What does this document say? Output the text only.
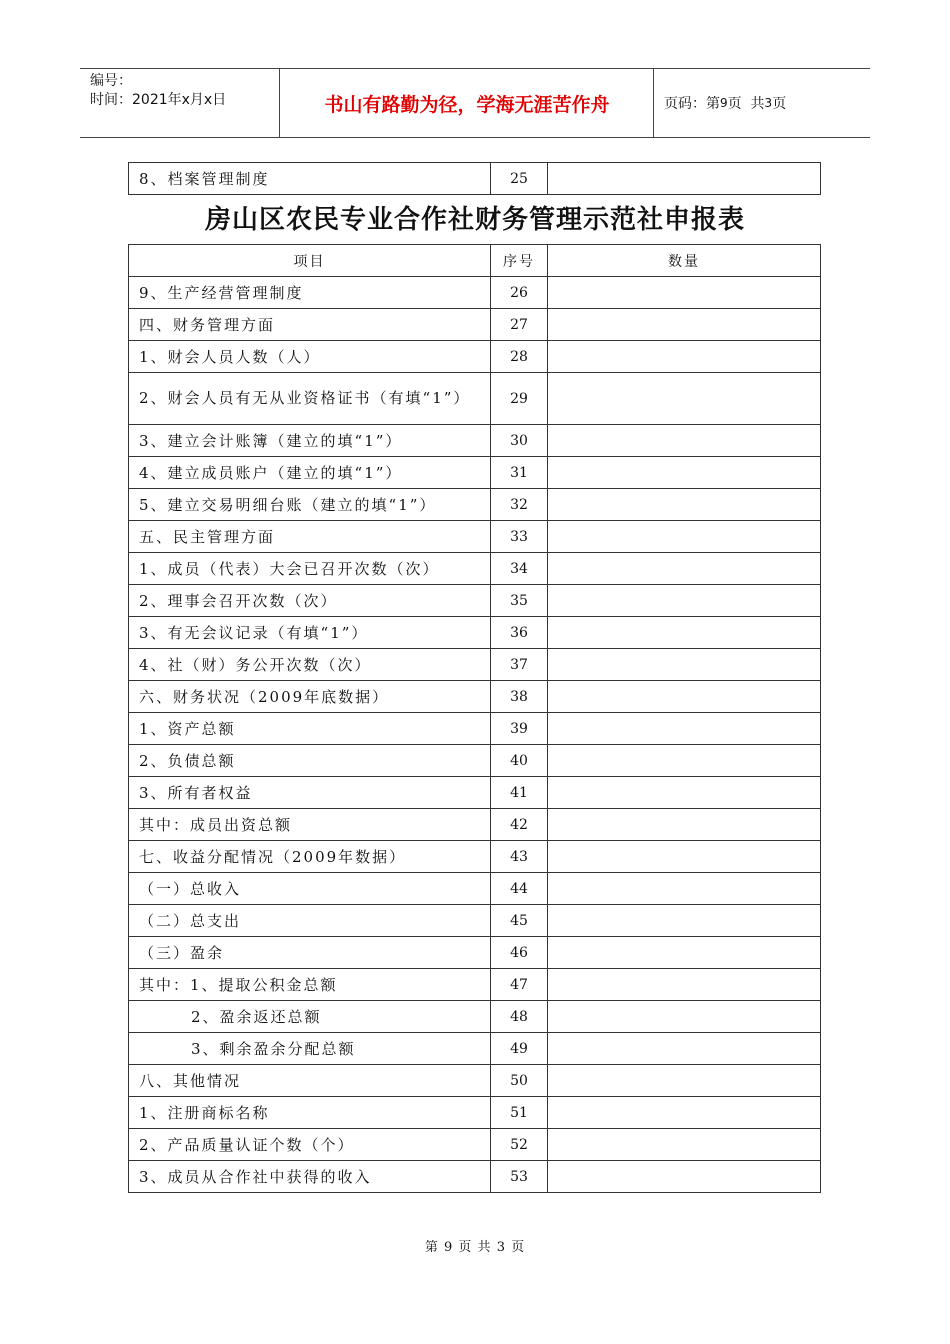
编号：
时间：2021年x月x日	书山有路勤为径，学海无涯苦作舟	页码：第 9 页  共 3 页
8、档案管理制度	25	
房山区农民专业合作社财务管理示范社申报表
项目	序号	数量
9、生产经营管理制度	26	
四、财务管理方面	27	
1、财会人员人数（人）	28	
2、财会人员有无从业资格证书（有填“1”）	29	
3、建立会计账簿（建立的填“1”）	30	
4、建立成员账户（建立的填“1”）	31	
5、建立交易明细台账（建立的填“1”）	32	
五、民主管理方面	33	
1、成员（代表）大会已召开次数（次）	34	
2、理事会召开次数（次）	35	
3、有无会议记录（有填“1”）	36	
4、社（财）务公开次数（次）	37	
六、财务状况（2009年底数据）	38	
1、资产总额	39	
2、负债总额	40	
3、所有者权益	41	
其中：成员出资总额	42	
七、收益分配情况（2009年数据）	43	
（一）总收入	44	
（二）总支出	45	
（三）盈余	46	
其中：1、提取公积金总额	47	
2、盈余返还总额	48	
3、剩余盈余分配总额	49	
八、其他情况	50	
1、注册商标名称	51	
2、产品质量认证个数（个）	52	
3、成员从合作社中获得的收入	53	
第 9 页 共 3 页
